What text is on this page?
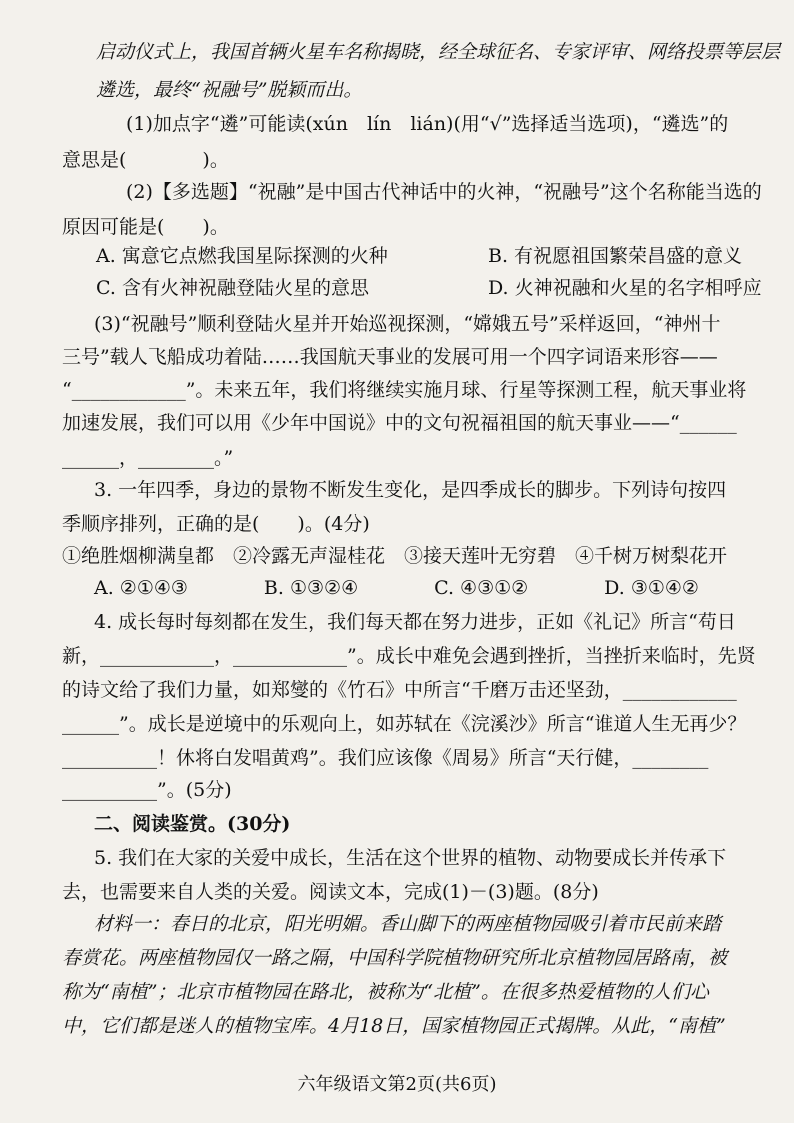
启动仪式上，我国首辆火星车名称揭晓，经全球征名、专家评审、网络投票等层层
遴选，最终“祝融号”脱颖而出。
(1)加点字“遴”可能读(xún　lín　lián)(用“√”选择适当选项)，“遴选”的
意思是(　　　　)。
(2)【多选题】“祝融”是中国古代神话中的火神，“祝融号”这个名称能当选的
原因可能是(　　)。
A. 寓意它点燃我国星际探测的火种	B. 有祝愿祖国繁荣昌盛的意义
C. 含有火神祝融登陆火星的意思	D. 火神祝融和火星的名字相呼应
(3)“祝融号”顺利登陆火星并开始巡视探测，“嫦娥五号”采样返回，“神州十
三号”载人飞船成功着陆……我国航天事业的发展可用一个四字词语来形容——
“____________”。未来五年，我们将继续实施月球、行星等探测工程，航天事业将
加速发展，我们可以用《少年中国说》中的文句祝福祖国的航天事业——“______
______，________。”
3. 一年四季，身边的景物不断发生变化，是四季成长的脚步。下列诗句按四
季顺序排列，正确的是(　　)。(4分)
①绝胜烟柳满皇都　②冷露无声湿桂花　③接天莲叶无穷碧　④千树万树梨花开
A. ②①④③　　　　B. ①③②④　　　　C. ④③①②　　　　D. ③①④②
4. 成长每时每刻都在发生，我们每天都在努力进步，正如《礼记》所言“苟日
新，____________，____________”。成长中难免会遇到挫折，当挫折来临时，先贤
的诗文给了我们力量，如郑燮的《竹石》中所言“千磨万击还坚劲，____________
______”。成长是逆境中的乐观向上，如苏轼在《浣溪沙》所言“谁道人生无再少？
__________！休将白发唱黄鸡”。我们应该像《周易》所言“天行健，________
__________”。(5分)
二、阅读鉴赏。(30分)
5. 我们在大家的关爱中成长，生活在这个世界的植物、动物要成长并传承下
去，也需要来自人类的关爱。阅读文本，完成(1)－(3)题。(8分)
材料一：春日的北京，阳光明媚。香山脚下的两座植物园吸引着市民前来踏
春赏花。两座植物园仅一路之隔，中国科学院植物研究所北京植物园居路南，被
称为“南植”；北京市植物园在路北，被称为“北植”。在很多热爱植物的人们心
中，它们都是迷人的植物宝库。4月18日，国家植物园正式揭牌。从此，“南植”
六年级语文第2页(共6页)
